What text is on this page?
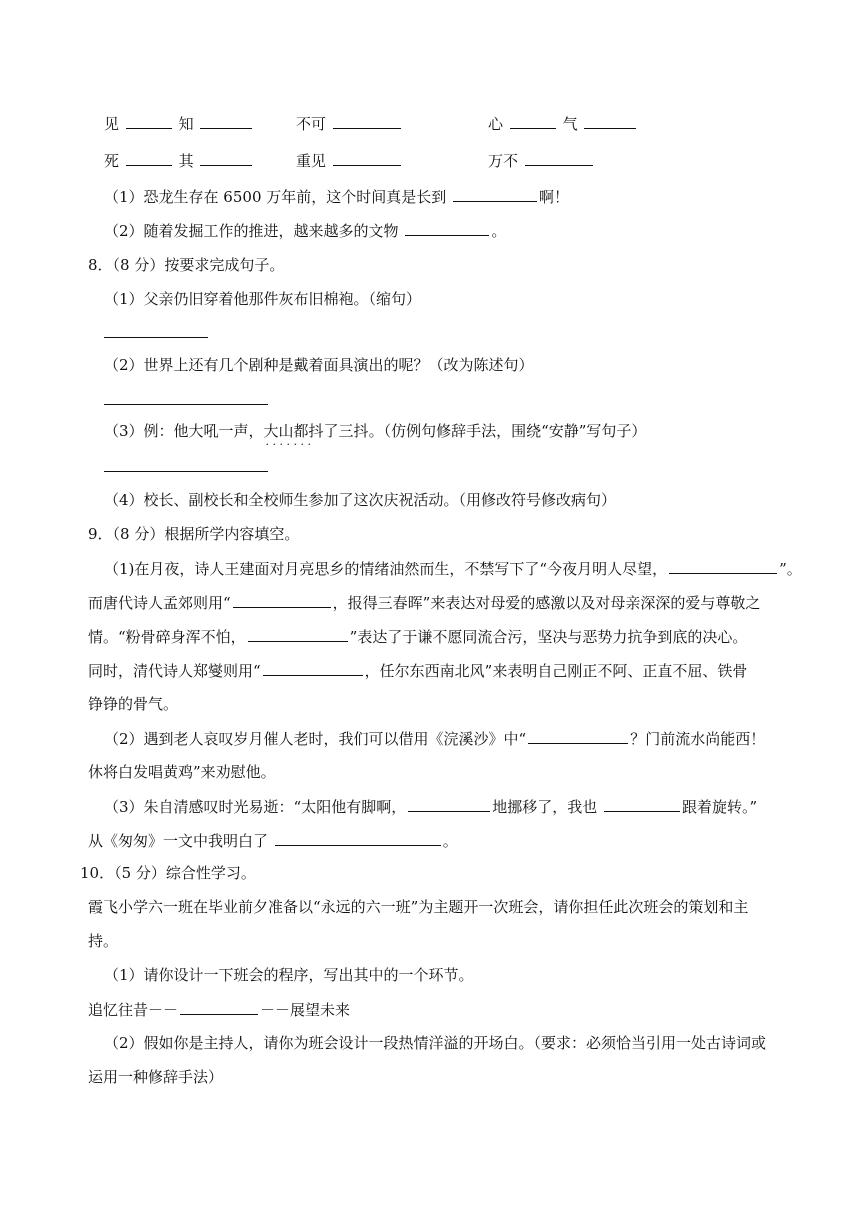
见	知	不可	心	气
死	其	重见	万不
（1）恐龙生存在 6500 万年前，这个时间真是长到	啊！
（2）随着发掘工作的推进，越来越多的文物	。
8．（8 分）按要求完成句子。
（1）父亲仍旧穿着他那件灰布旧棉袍。（缩句）
（2）世界上还有几个剧种是戴着面具演出的呢？（改为陈述句）
（3）例：他大吼一声，大山都抖了三抖 · · ·。（仿例句修辞手法，围绕“安静”写句子）
（4）校长、副校长和全校师生参加了这次庆祝活动。（用修改符号修改病句）
9．（8 分）根据所学内容填空。
（1)在月夜，诗人王建面对月亮思乡的情绪油然而生，不禁写下了“今夜月明人尽望，	”。
而唐代诗人孟郊则用“	，报得三春晖”来表达对母爱的感激以及对母亲深深的爱与尊敬之
情。“粉骨碎身浑不怕，	”表达了于谦不愿同流合污，坚决与恶势力抗争到底的决心。
同时，清代诗人郑燮则用“	，任尔东西南北风”来表明自己刚正不阿、正直不屈、铁骨
铮铮的骨气。
（2）遇到老人哀叹岁月催人老时，我们可以借用《浣溪沙》中“	？门前流水尚能西！
休将白发唱黄鸡”来劝慰他。
（3）朱自清感叹时光易逝：“太阳他有脚啊，	地挪移了，我也	跟着旋转。”
从《匆匆》一文中我明白了	。
10．（5 分）综合性学习。
霞飞小学六一班在毕业前夕准备以“永远的六一班”为主题开一次班会，请你担任此次班会的策划和主
持。
（1）请你设计一下班会的程序，写出其中的一个环节。
追忆往昔－－	－－展望未来
（2）假如你是主持人，请你为班会设计一段热情洋溢的开场白。（要求：必须恰当引用一处古诗词或
运用一种修辞手法）
